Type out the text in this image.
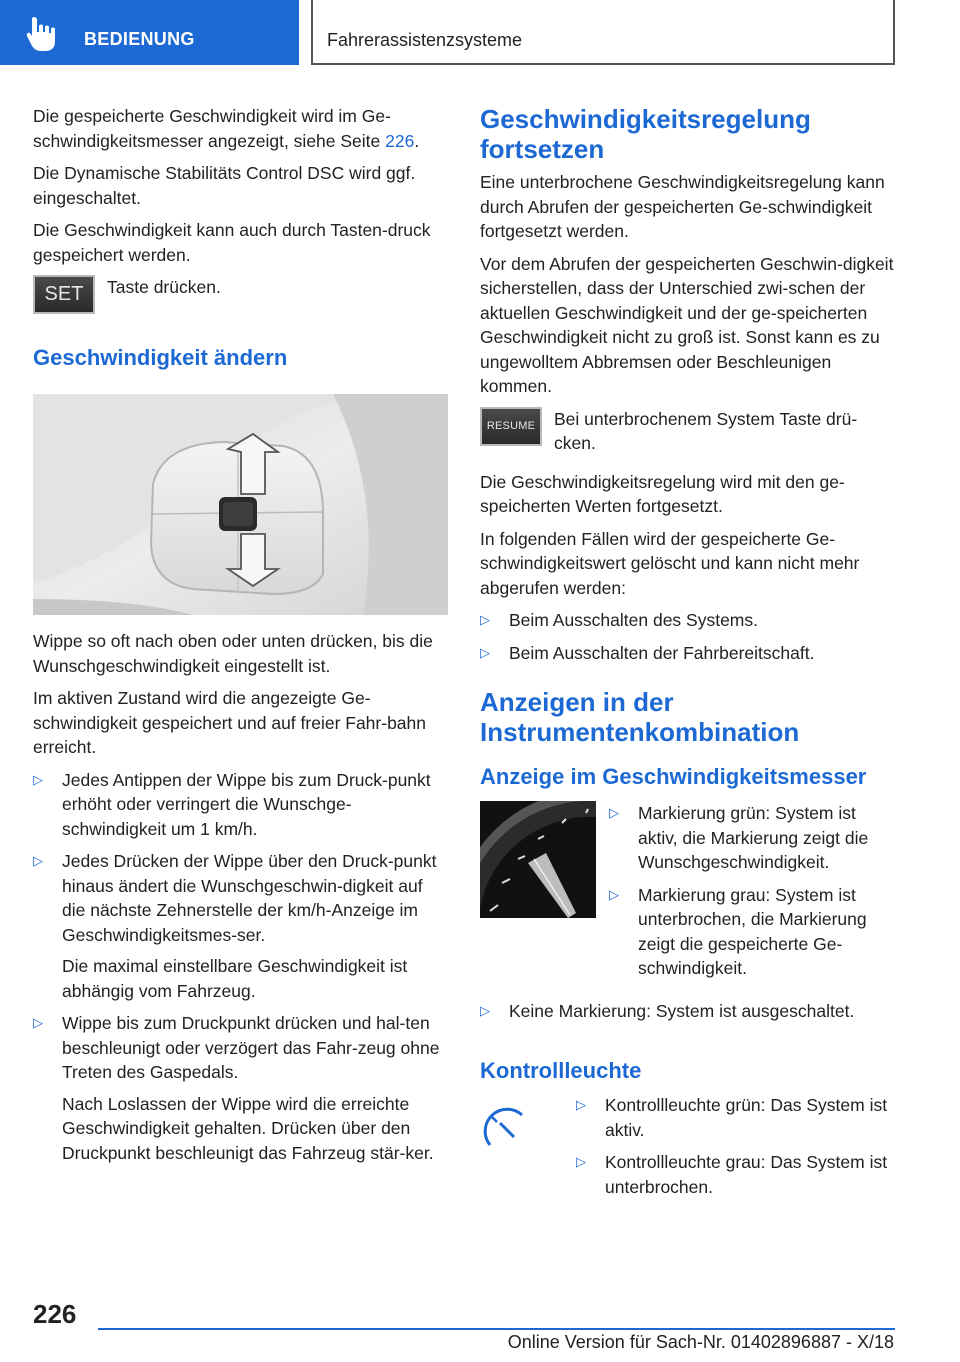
BEDIENUNG	Fahrerassistenzsysteme

Die gespeicherte Geschwindigkeit wird im Ge‐schwindigkeitsmesser angezeigt, siehe Seite 226.

Die Dynamische Stabilitäts Control DSC wird ggf. eingeschaltet.

Die Geschwindigkeit kann auch durch Tasten‐druck gespeichert werden.

SET	Taste drücken.
Geschwindigkeit ändern

Wippe so oft nach oben oder unten drücken, bis die Wunschgeschwindigkeit eingestellt ist.

Im aktiven Zustand wird die angezeigte Ge‐schwindigkeit gespeichert und auf freier Fahr‐bahn erreicht.

▷ Jedes Antippen der Wippe bis zum Druck‐punkt erhöht oder verringert die Wunschge‐schwindigkeit um 1 km/h.
▷ Jedes Drücken der Wippe über den Druck‐punkt hinaus ändert die Wunschgeschwin‐digkeit auf die nächste Zehnerstelle der km/h‑Anzeige im Geschwindigkeitsmes‐ser.
Die maximal einstellbare Geschwindigkeit ist abhängig vom Fahrzeug.
▷ Wippe bis zum Druckpunkt drücken und hal‐ten beschleunigt oder verzögert das Fahr‐zeug ohne Treten des Gaspedals.
Nach Loslassen der Wippe wird die erreichte Geschwindigkeit gehalten. Drücken über den Druckpunkt beschleunigt das Fahrzeug stär‐ker.
Geschwindigkeitsregelung fortsetzen

Eine unterbrochene Geschwindigkeitsregelung kann durch Abrufen der gespeicherten Ge‐schwindigkeit fortgesetzt werden.

Vor dem Abrufen der gespeicherten Geschwin‐digkeit sicherstellen, dass der Unterschied zwi‐schen der aktuellen Geschwindigkeit und der ge‐speicherten Geschwindigkeit nicht zu groß ist. Sonst kann es zu ungewolltem Abbremsen oder Beschleunigen kommen.

RESUME	Bei unterbrochenem System Taste drü‐cken.

Die Geschwindigkeitsregelung wird mit den ge‐speicherten Werten fortgesetzt.

In folgenden Fällen wird der gespeicherte Ge‐schwindigkeitswert gelöscht und kann nicht mehr abgerufen werden:

▷ Beim Ausschalten des Systems.
▷ Beim Ausschalten der Fahrbereitschaft.
Anzeigen in der Instrumentenkombination
Anzeige im Geschwindigkeitsmesser
▷ Markierung grün: System ist aktiv, die Markierung zeigt die Wunschgeschwindigkeit.
▷ Markierung grau: System ist unterbrochen, die Markierung zeigt die gespeicherte Ge‐schwindigkeit.
▷ Keine Markierung: System ist ausgeschaltet.
Kontrollleuchte
▷ Kontrollleuchte grün: Das System ist aktiv.
▷ Kontrollleuchte grau: Das System ist unterbrochen.
226
Online Version für Sach-Nr. 01402896887 - X/18
